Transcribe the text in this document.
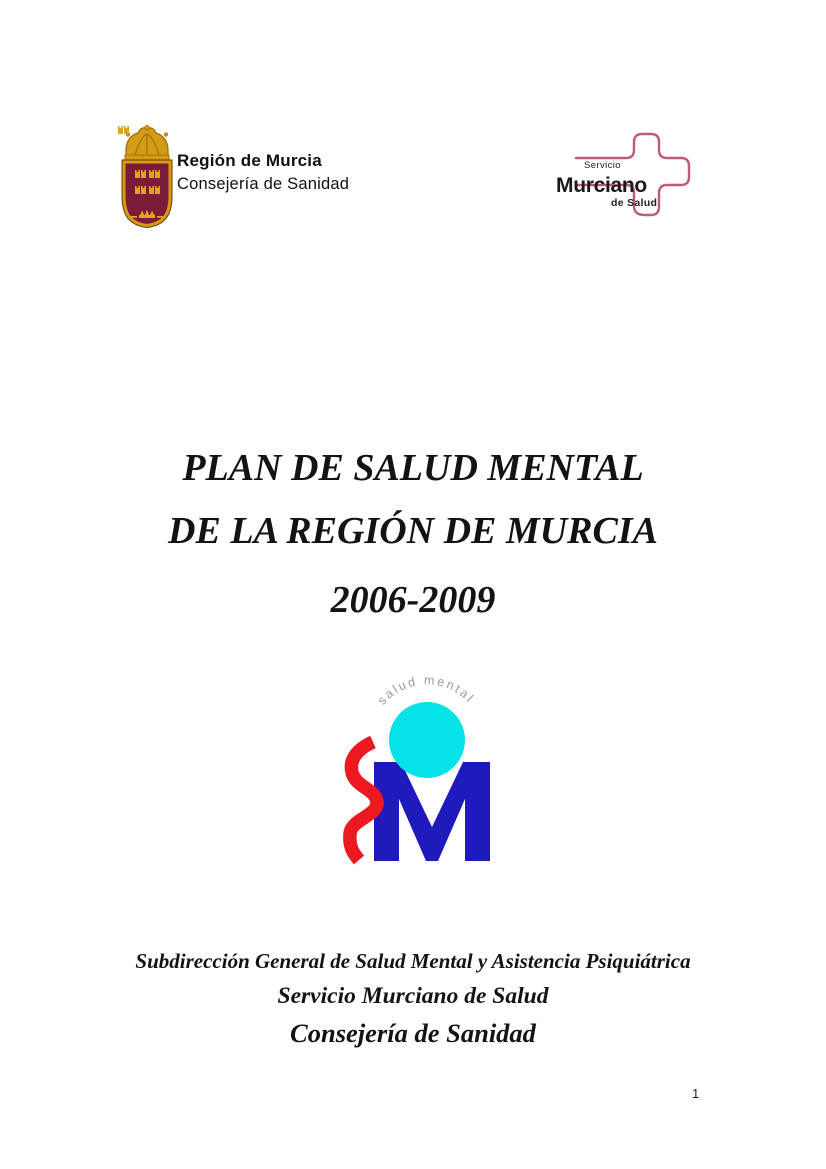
Región de Murcia
Consejería de Sanidad
Servicio
Murciano
de Salud
PLAN DE SALUD MENTAL
DE LA REGIÓN DE MURCIA
2006-2009
salud mental
Subdirección General de Salud Mental y Asistencia Psiquiátrica
Servicio Murciano de Salud
Consejería de Sanidad
1
